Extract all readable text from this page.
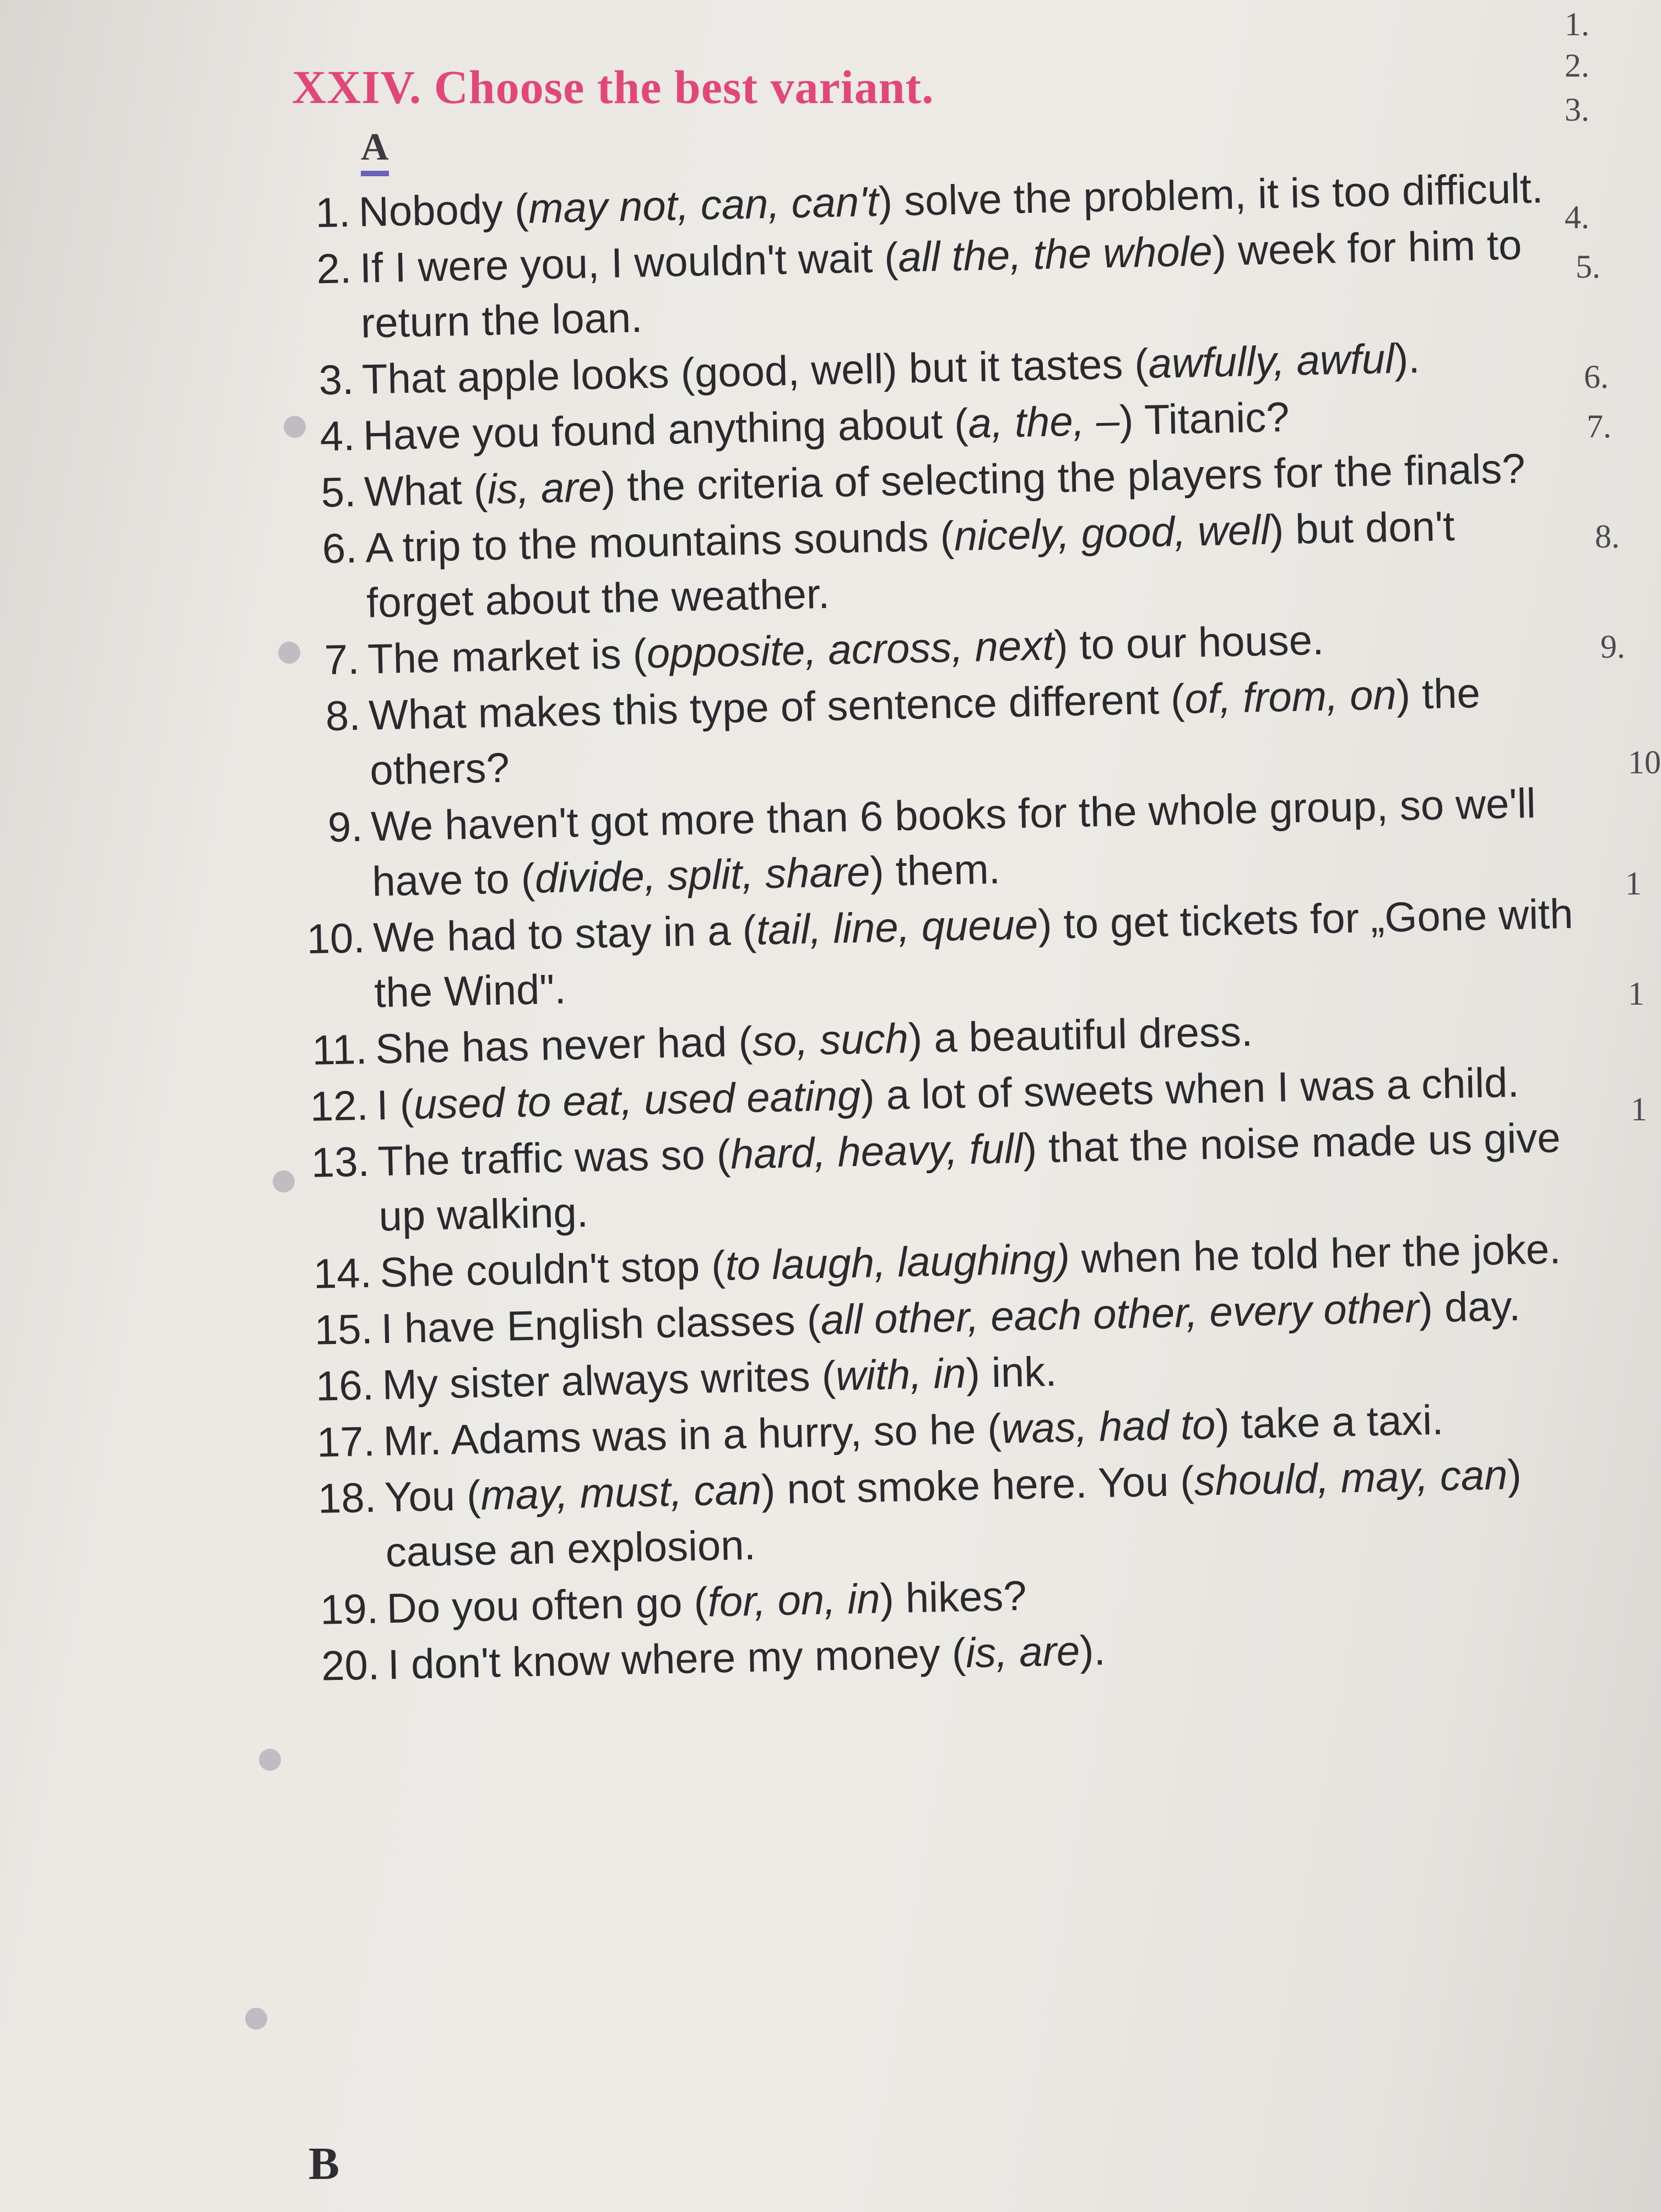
XXIV. Choose the best variant.
A
1. Nobody (may not, can, can't) solve the problem, it is too difficult.
2. If I were you, I wouldn't wait (all the, the whole) week for him to return the loan.
3. That apple looks (good, well) but it tastes (awfully, awful).
4. Have you found anything about (a, the, –) Titanic?
5. What (is, are) the criteria of selecting the players for the finals?
6. A trip to the mountains sounds (nicely, good, well) but don't forget about the weather.
7. The market is (opposite, across, next) to our house.
8. What makes this type of sentence different (of, from, on) the others?
9. We haven't got more than 6 books for the whole group, so we'll have to (divide, split, share) them.
10. We had to stay in a (tail, line, queue) to get tickets for „Gone with the Wind".
11. She has never had (so, such) a beautiful dress.
12. I (used to eat, used eating) a lot of sweets when I was a child.
13. The traffic was so (hard, heavy, full) that the noise made us give up walking.
14. She couldn't stop (to laugh, laughing) when he told her the joke.
15. I have English classes (all other, each other, every other) day.
16. My sister always writes (with, in) ink.
17. Mr. Adams was in a hurry, so he (was, had to) take a taxi.
18. You (may, must, can) not smoke here. You (should, may, can) cause an explosion.
19. Do you often go (for, on, in) hikes?
20. I don't know where my money (is, are).
1.
2.
3.
4.
5.
6.
7.
8.
9.
10
1
1
1
B
